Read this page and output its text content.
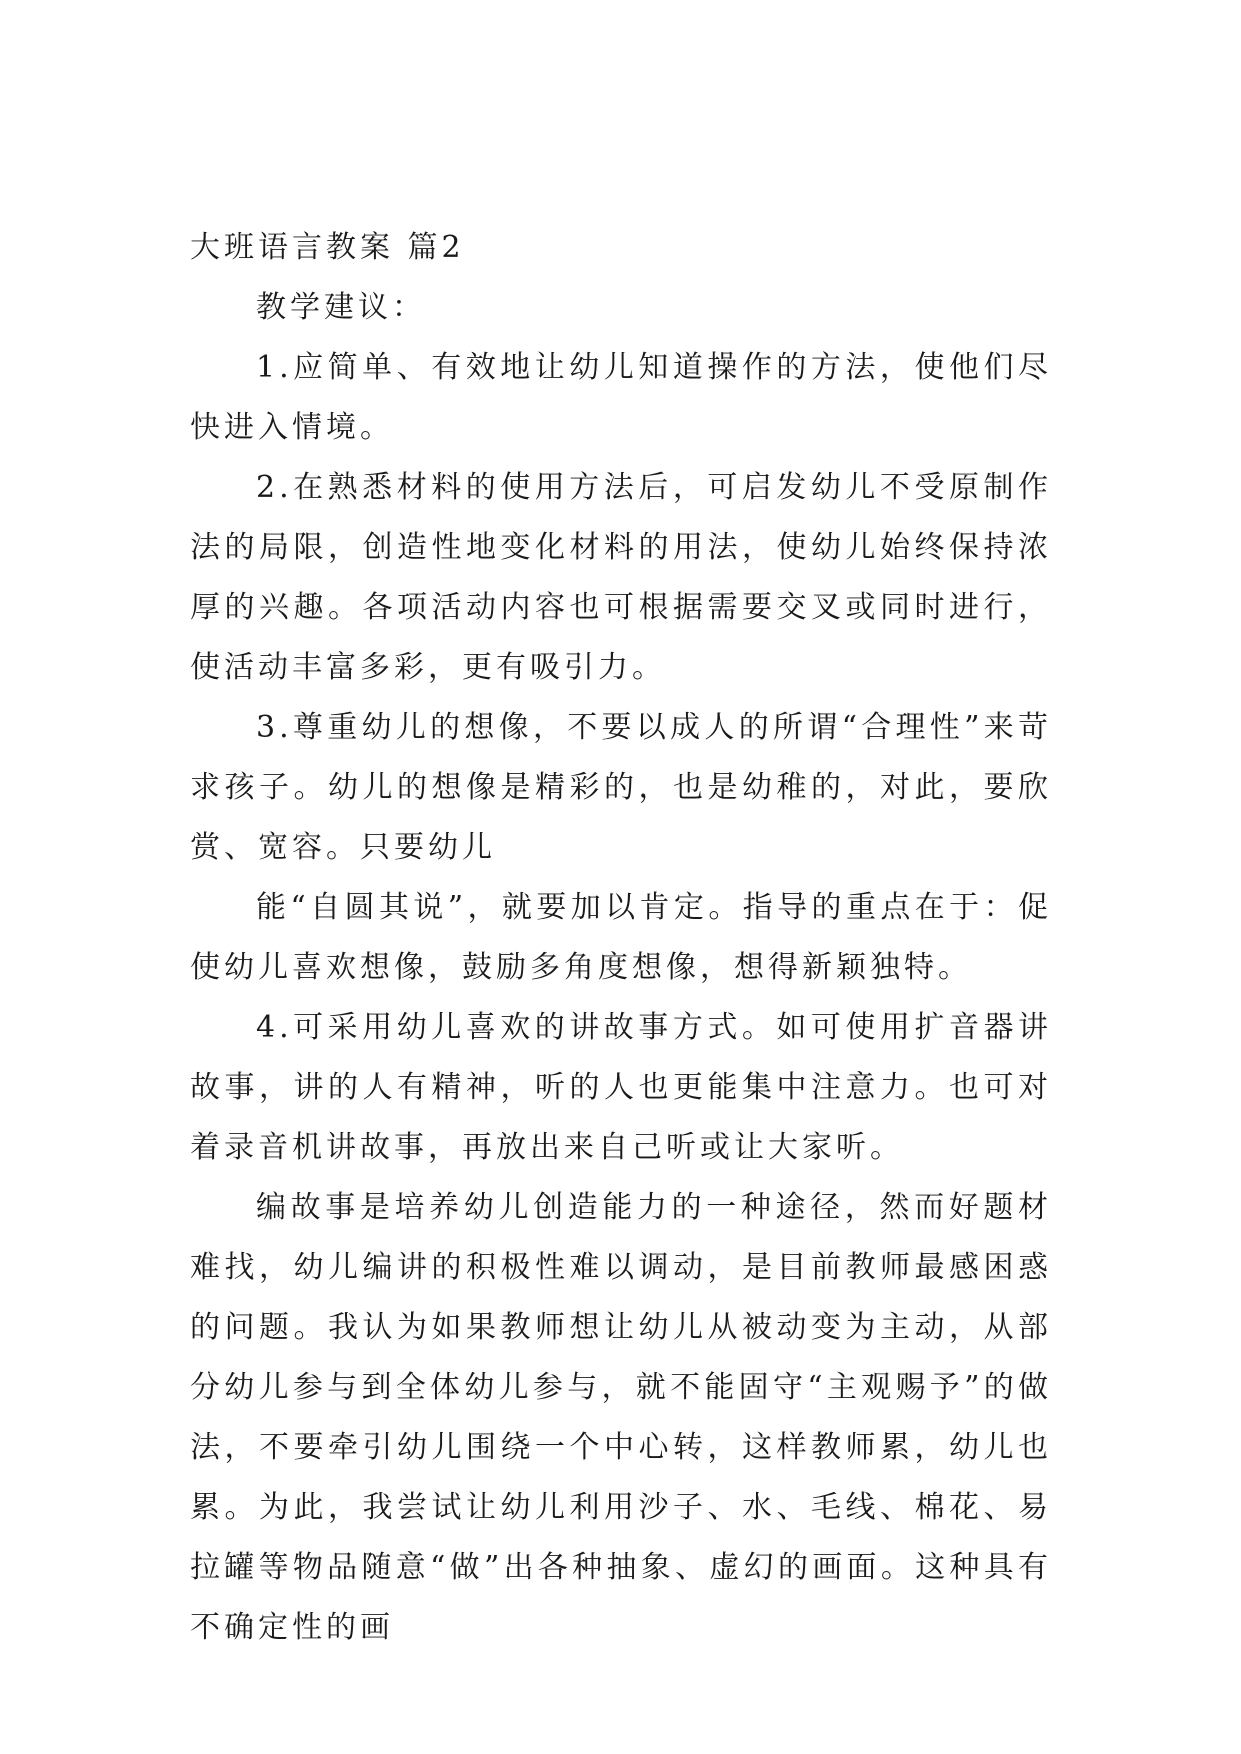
大班语言教案 篇2

教学建议：

1.应简单、有效地让幼儿知道操作的方法，使他们尽快进入情境。

2.在熟悉材料的使用方法后，可启发幼儿不受原制作法的局限，创造性地变化材料的用法，使幼儿始终保持浓厚的兴趣。各项活动内容也可根据需要交叉或同时进行，使活动丰富多彩，更有吸引力。

3.尊重幼儿的想像，不要以成人的所谓“合理性”来苛求孩子。幼儿的想像是精彩的，也是幼稚的，对此，要欣赏、宽容。只要幼儿

能“自圆其说”，就要加以肯定。指导的重点在于：促使幼儿喜欢想像，鼓励多角度想像，想得新颖独特。

4.可采用幼儿喜欢的讲故事方式。如可使用扩音器讲故事，讲的人有精神，听的人也更能集中注意力。也可对着录音机讲故事，再放出来自己听或让大家听。

编故事是培养幼儿创造能力的一种途径，然而好题材难找，幼儿编讲的积极性难以调动，是目前教师最感困惑的问题。我认为如果教师想让幼儿从被动变为主动，从部分幼儿参与到全体幼儿参与，就不能固守“主观赐予”的做法，不要牵引幼儿围绕一个中心转，这样教师累，幼儿也累。为此，我尝试让幼儿利用沙子、水、毛线、棉花、易拉罐等物品随意“做”出各种抽象、虚幻的画面。这种具有不确定性的画
